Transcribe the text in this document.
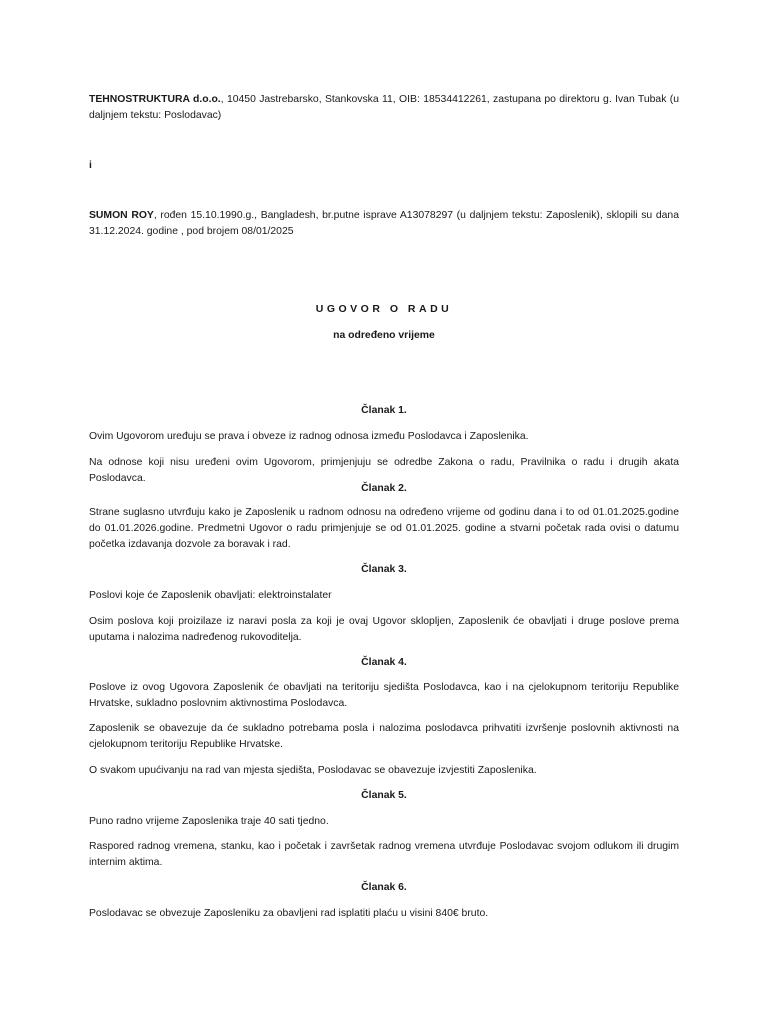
TEHNOSTRUKTURA d.o.o., 10450 Jastrebarsko, Stankovska 11, OIB: 18534412261, zastupana po direktoru g. Ivan Tubak (u daljnjem tekstu: Poslodavac)

i

SUMON ROY, rođen 15.10.1990.g., Bangladesh, br.putne isprave A13078297 (u daljnjem tekstu: Zaposlenik), sklopili su dana 31.12.2024. godine , pod brojem 08/01/2025

UGOVOR O RADU

na određeno vrijeme

Članak 1.

Ovim Ugovorom uređuju se prava i obveze iz radnog odnosa između Poslodavca i Zaposlenika.

Na odnose koji nisu uređeni ovim Ugovorom, primjenjuju se odredbe Zakona o radu, Pravilnika o radu i drugih akata Poslodavca.

Članak 2.

Strane suglasno utvrđuju kako je Zaposlenik u radnom odnosu na određeno vrijeme od godinu dana i to od 01.01.2025.godine do 01.01.2026.godine. Predmetni Ugovor o radu primjenjuje se od 01.01.2025. godine a stvarni početak rada ovisi o datumu početka izdavanja dozvole za boravak i rad.

Članak 3.

Poslovi koje će Zaposlenik obavljati: elektroinstalater

Osim poslova koji proizilaze iz naravi posla za koji je ovaj Ugovor sklopljen, Zaposlenik će obavljati i druge poslove prema uputama i nalozima nadređenog rukovoditelja.

Članak 4.

Poslove iz ovog Ugovora Zaposlenik će obavljati na teritoriju sjedišta Poslodavca, kao i na cjelokupnom teritoriju Republike Hrvatske, sukladno poslovnim aktivnostima Poslodavca.

Zaposlenik se obavezuje da će sukladno potrebama posla i nalozima poslodavca prihvatiti izvršenje poslovnih aktivnosti na cjelokupnom teritoriju Republike Hrvatske.

O svakom upućivanju na rad van mjesta sjedišta, Poslodavac se obavezuje izvjestiti Zaposlenika.

Članak 5.

Puno radno vrijeme Zaposlenika traje 40 sati tjedno.

Raspored radnog vremena, stanku, kao i početak i završetak radnog vremena utvrđuje Poslodavac svojom odlukom ili drugim internim aktima.

Članak 6.

Poslodavac se obvezuje Zaposleniku za obavljeni rad isplatiti plaću u visini 840€ bruto.
